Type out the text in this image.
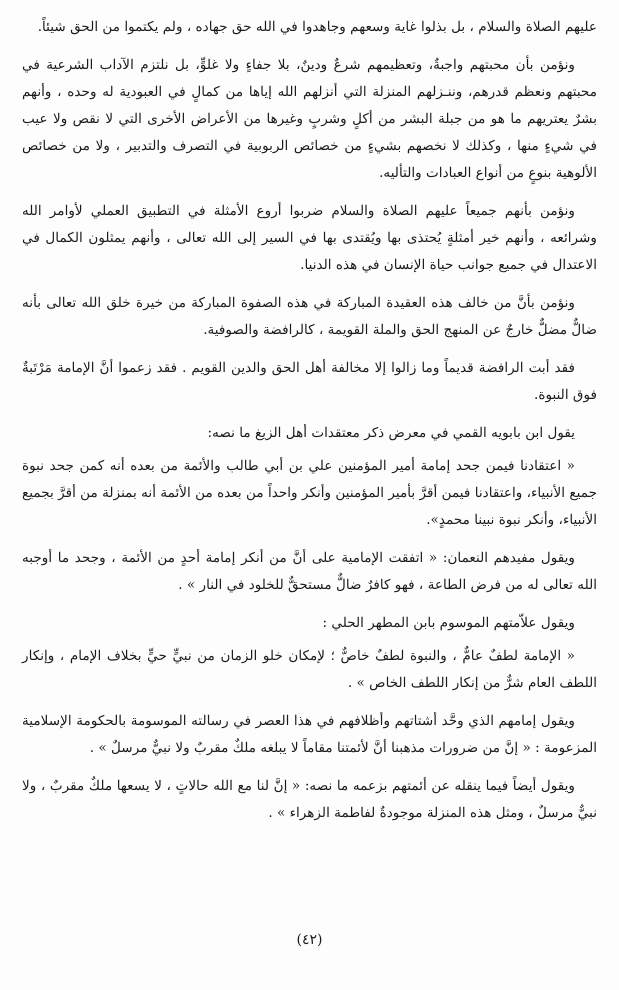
عليهم الصلاة والسلام ، بل بذلوا غاية وسعهم وجاهدوا في الله حق جهاده ، ولم يكتموا من الحق شيئاً.

ونؤمن بأن محبتهم واجبةٌ، وتعظيمهم شرعٌ ودينٌ، بلا جفاءٍ ولا غلوٍّ، بل نلتزم الآداب الشرعية في محبتهم ونعظم قدرهم، وننـزلهم المنزلة التي أنزلهم الله إياها من كمالٍ في العبودية له وحده ، وأنهم بشرٌ يعتريهم ما هو من جبلة البشر من أكلٍ وشربٍ وغيرها من الأعراض الأخرى التي لا نقص ولا عيب في شيءٍ منها ، وكذلك لا نخصهم بشيءٍ من خصائص الربوبية في التصرف والتدبير ، ولا من خصائص الألوهية بنوعٍ من أنواع العبادات والتأليه.

ونؤمن بأنهم جميعاً عليهم الصلاة والسلام ضربوا أروع الأمثلة في التطبيق العملي لأوامر الله وشرائعه ، وأنهم خير أمثلةٍ يُحتذى بها ويُقتدى بها في السير إلى الله تعالى ، وأنهم يمثلون الكمال في الاعتدال في جميع جوانب حياة الإنسان في هذه الدنيا.

ونؤمن بأنَّ من خالف هذه العقيدة المباركة في هذه الصفوة المباركة من خيرة خلق الله تعالى بأنه ضالٌّ مضلٌّ خارجٌ عن المنهج الحق والملة القويمة ، كالرافضة والصوفية.

فقد أبت الرافضة قديماً وما زالوا إلا مخالفة أهل الحق والدين القويم . فقد زعموا أنَّ الإمامة مَرْتَبةٌ فوق النبوة.

يقول ابن بابويه القمي في معرض ذكر معتقدات أهل الزيغ ما نصه:

« اعتقادنا فيمن جحد إمامة أمير المؤمنين علي بن أبي طالب والأئمة من بعده أنه كمن جحد نبوة جميع الأنبياء، واعتقادنا فيمن أقرَّ بأمير المؤمنين وأنكر واحداً من بعده من الأئمة أنه بمنزلة من أقرَّ بجميع الأنبياء، وأنكر نبوة نبينا محمدٍ».

ويقول مفيدهم النعمان: « اتفقت الإمامية على أنَّ من أنكر إمامة أحدٍ من الأئمة ، وجحد ما أوجبه الله تعالى له من فرض الطاعة ، فهو كافرٌ ضالٌّ مستحقٌّ للخلود في النار » .

ويقول علاّمتهم الموسوم بابن المطهر الحلي :

« الإمامة لطفٌ عامٌّ ، والنبوة لطفٌ خاصٌّ ؛ لإمكان خلو الزمان من نبيٍّ حيٍّ بخلاف الإمام ، وإنكار اللطف العام شرٌّ من إنكار اللطف الخاص » .

ويقول إمامهم الذي وحَّد أشتاتهم وأظلافهم في هذا العصر في رسالته الموسومة بالحكومة الإسلامية المزعومة : « إنَّ من ضرورات مذهبنا أنَّ لأئمتنا مقاماً لا يبلغه ملكٌ مقربٌ ولا نبيٌّ مرسلٌ » .

ويقول أيضاً فيما ينقله عن أئمتهم بزعمه ما نصه: « إنَّ لنا مع الله حالاتٍ ، لا يسعها ملكٌ مقربٌ ، ولا نبيٌّ مرسلٌ ، ومثل هذه المنزلة موجودةٌ لفاطمة الزهراء » .

(٤٢)
